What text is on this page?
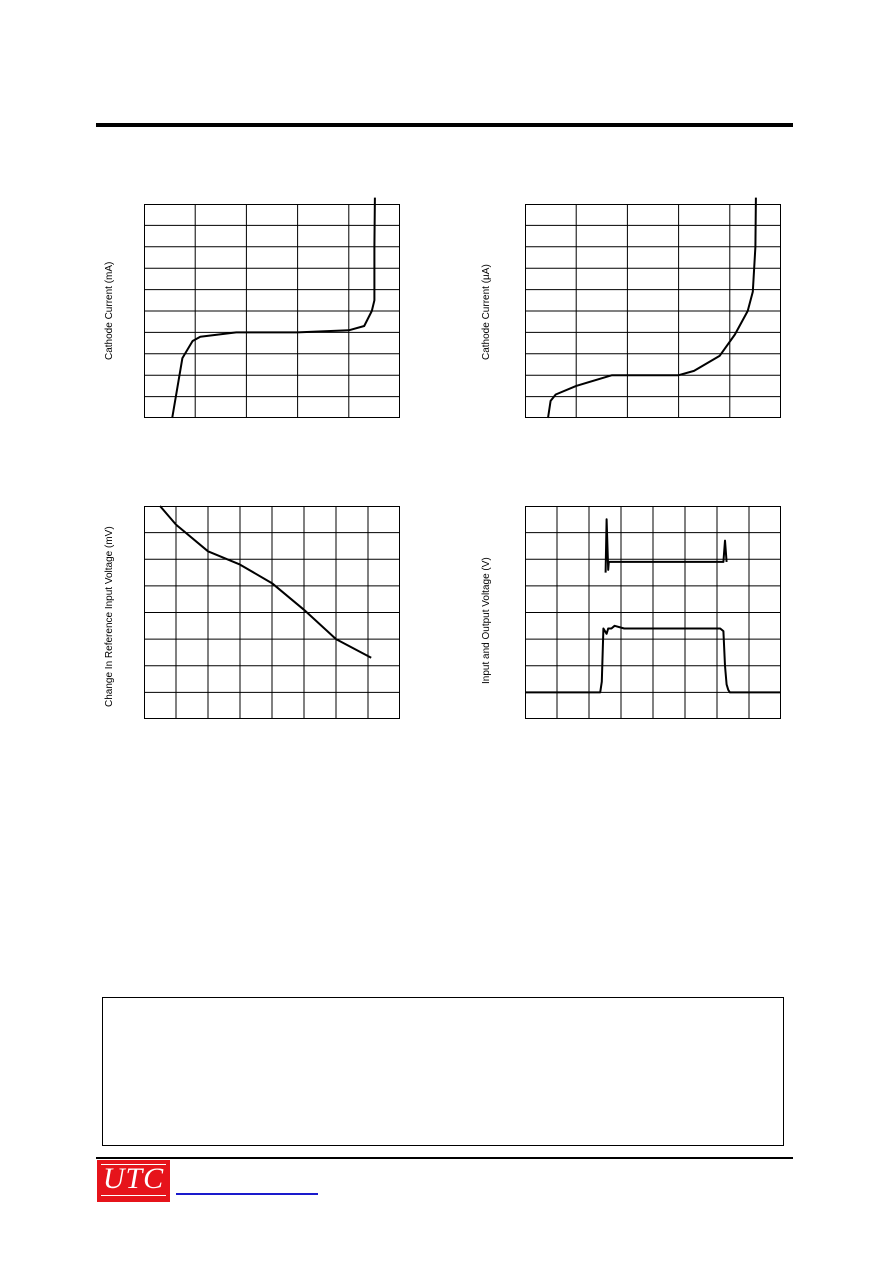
Cathode Current (mA)	Cathode Current (µA)
Change In Reference Input Voltage (mV)	Input and Output Voltage (V)
UTC
